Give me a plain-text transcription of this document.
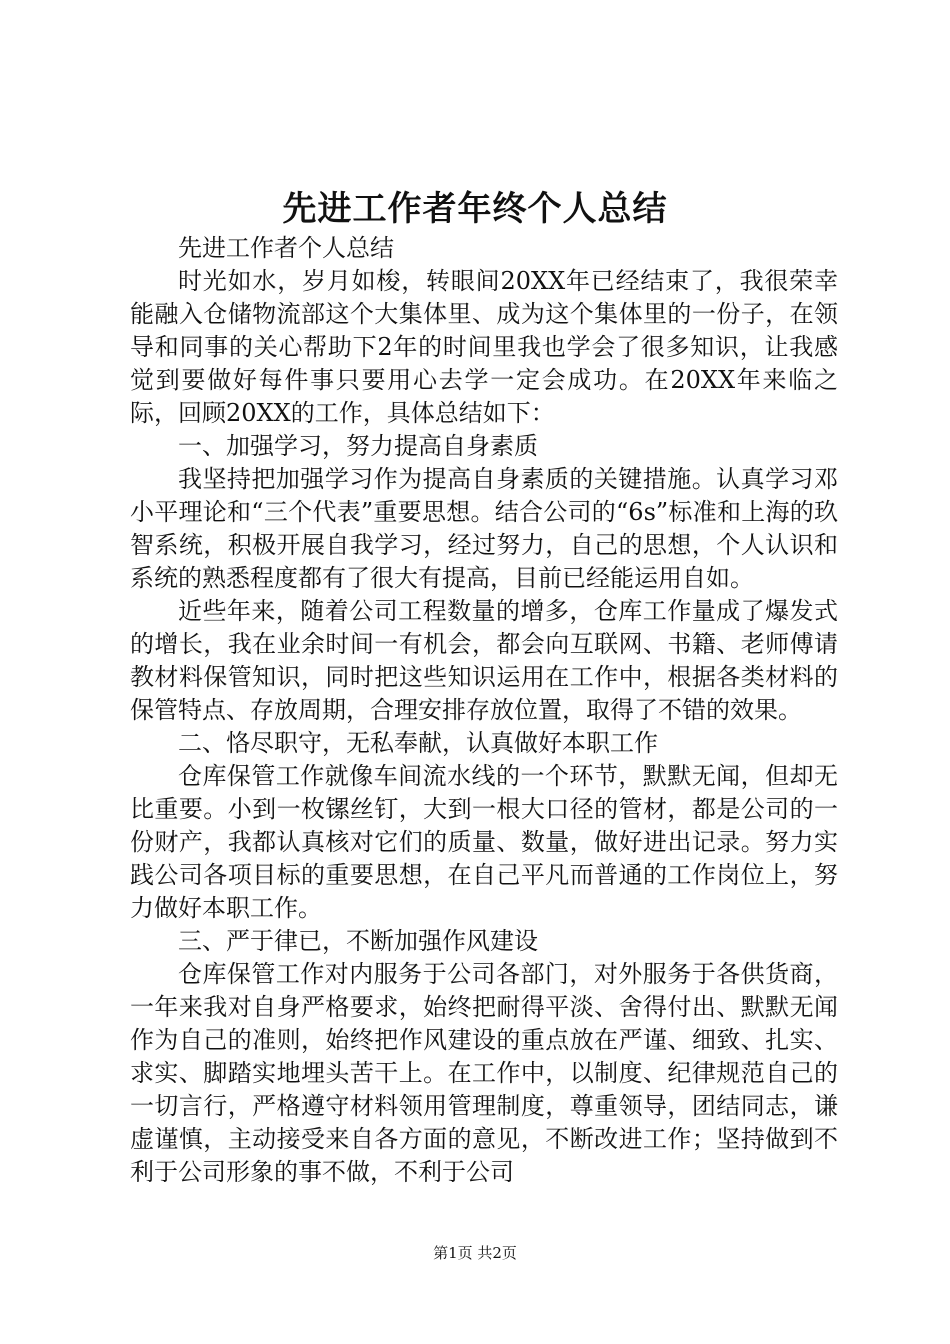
先进工作者年终个人总结

先进工作者个人总结

时光如水，岁月如梭，转眼间20XX年已经结束了，我很荣幸能融入仓储物流部这个大集体里、成为这个集体里的一份子，在领导和同事的关心帮助下2年的时间里我也学会了很多知识，让我感觉到要做好每件事只要用心去学一定会成功。在20XX年来临之际，回顾20XX的工作，具体总结如下：

一、加强学习，努力提高自身素质

我坚持把加强学习作为提高自身素质的关键措施。认真学习邓小平理论和“三个代表”重要思想。结合公司的“6s”标准和上海的玖智系统，积极开展自我学习，经过努力，自己的思想，个人认识和系统的熟悉程度都有了很大有提高，目前已经能运用自如。

近些年来，随着公司工程数量的增多，仓库工作量成了爆发式的增长，我在业余时间一有机会，都会向互联网、书籍、老师傅请教材料保管知识，同时把这些知识运用在工作中，根据各类材料的保管特点、存放周期，合理安排存放位置，取得了不错的效果。

二、恪尽职守，无私奉献，认真做好本职工作

仓库保管工作就像车间流水线的一个环节，默默无闻，但却无比重要。小到一枚镙丝钉，大到一根大口径的管材，都是公司的一份财产，我都认真核对它们的质量、数量，做好进出记录。努力实践公司各项目标的重要思想，在自己平凡而普通的工作岗位上，努力做好本职工作。

三、严于律已，不断加强作风建设

仓库保管工作对内服务于公司各部门，对外服务于各供货商，一年来我对自身严格要求，始终把耐得平淡、舍得付出、默默无闻作为自己的准则，始终把作风建设的重点放在严谨、细致、扎实、求实、脚踏实地埋头苦干上。在工作中，以制度、纪律规范自己的一切言行，严格遵守材料领用管理制度，尊重领导，团结同志，谦虚谨慎，主动接受来自各方面的意见，不断改进工作；坚持做到不利于公司形象的事不做，不利于公司

第1页 共2页
